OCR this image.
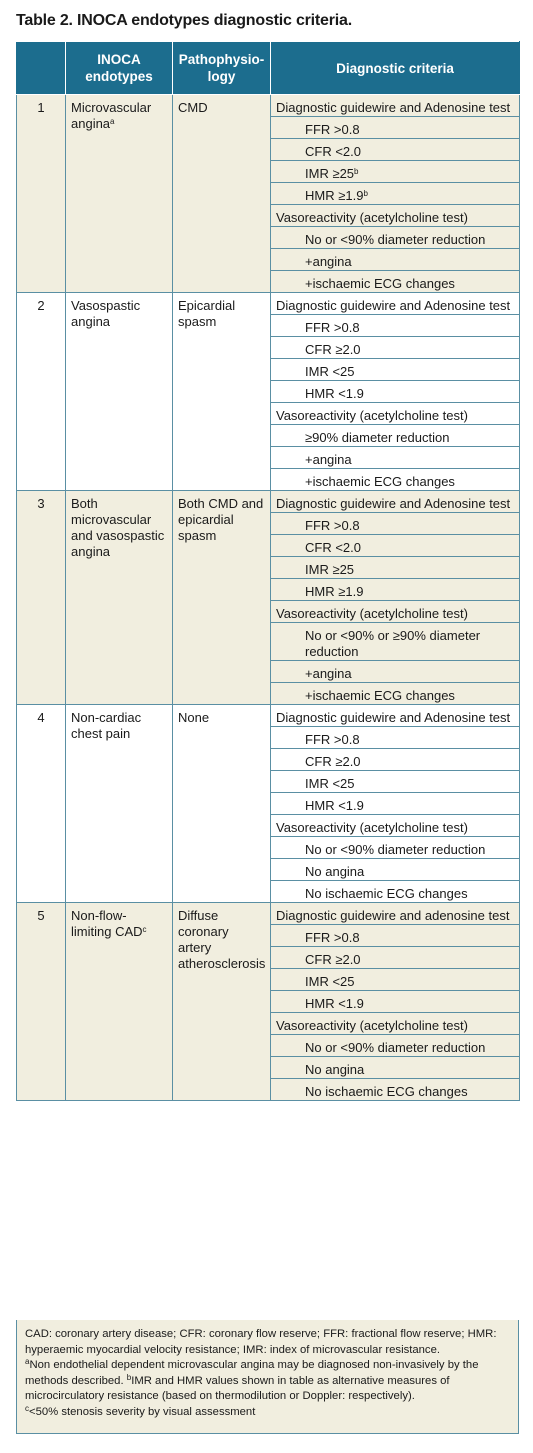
Table 2. INOCA endotypes diagnostic criteria.
	INOCA endotypes	Pathophysio-logy	Diagnostic criteria
1	Microvascular angina$^a$	CMD	Diagnostic guidewire and Adenosine test
			FFR >0.8
			CFR <2.0
			IMR $\ge 25^b$
			HMR ≥1.9$^b$
			Vasoreactivity (acetylcholine test)
			No or <90% diameter reduction
			+angina
			+ischaemic ECG changes
2	Vasospastic angina	Epicardial spasm	Diagnostic guidewire and Adenosine test
			FFR >0.8
			CFR ≥2.0
			IMR <25
			HMR <1.9
			Vasoreactivity (acetylcholine test)
			≥90% diameter reduction
			+angina
			+ischaemic ECG changes
3	Both microvascular and vasospastic angina	Both CMD and epicardial spasm	Diagnostic guidewire and Adenosine test
			FFR >0.8
			CFR <2.0
			IMR ≥25
			HMR ≥1.9
			Vasoreactivity (acetylcholine test)
			No or <90% or ≥90% diameter reduction
			+angina
			+ischaemic ECG changes
4	Non-cardiac chest pain	None	Diagnostic guidewire and Adenosine test
			FFR >0.8
			CFR ≥2.0
			IMR <25
			HMR <1.9
			Vasoreactivity (acetylcholine test)
			No or <90% diameter reduction
			No angina
			No ischaemic ECG changes
5	Non-flow-limiting CAD$^c$	Diffuse coronary artery atherosclerosis	Diagnostic guidewire and adenosine test
			FFR >0.8
			CFR ≥2.0
			IMR <25
			HMR <1.9
			Vasoreactivity (acetylcholine test)
			No or <90% diameter reduction
			No angina
			No ischaemic ECG changes

CAD: coronary artery disease; CFR: coronary flow reserve; FFR: fractional flow reserve; HMR: hyperaemic myocardial velocity resistance; IMR: index of microvascular resistance.

$^a$Non endothelial dependent microvascular angina may be diagnosed non-invasively by the methods described. $^b$IMR and HMR values shown in table as alternative measures of microcirculatory resistance (based on thermodilution or Doppler: respectively).

$^c$<50% stenosis severity by visual assessment
